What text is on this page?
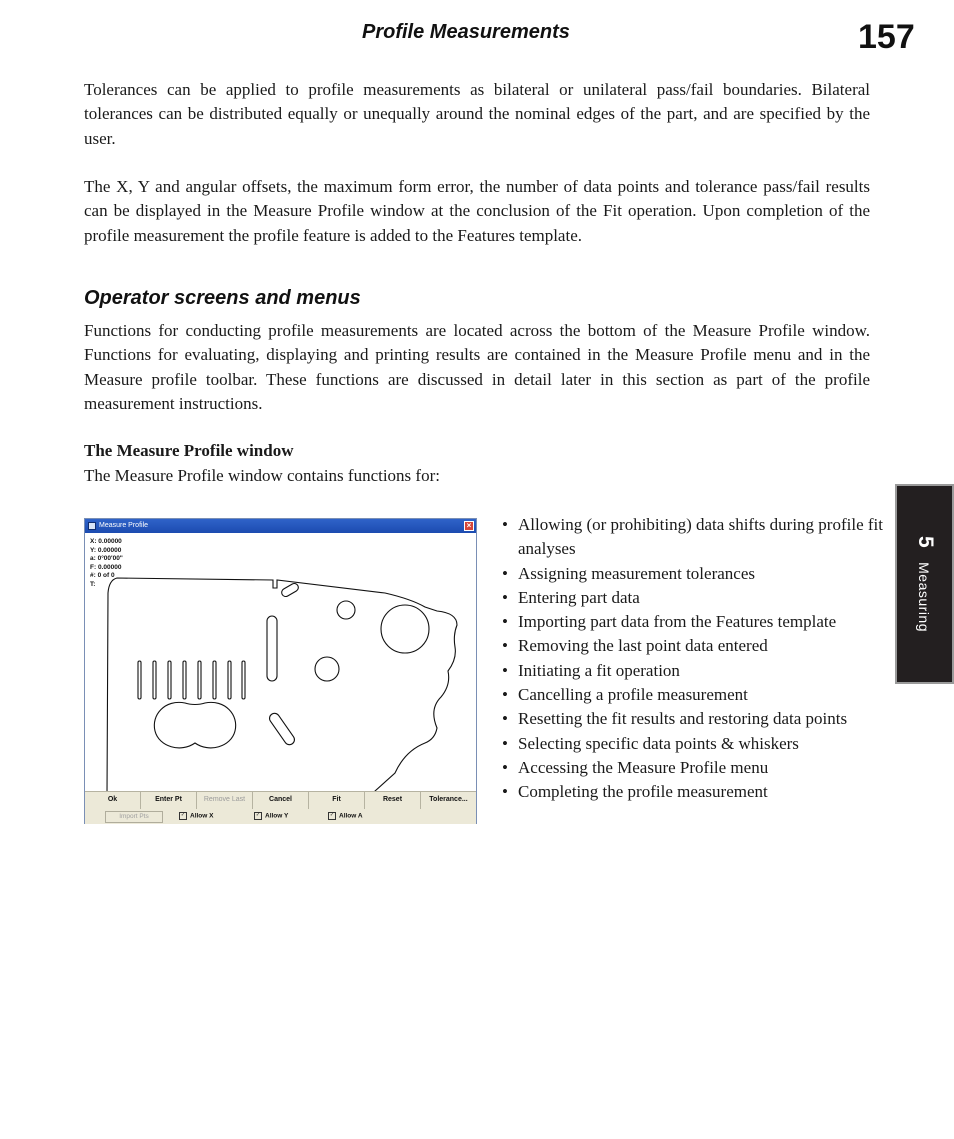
Profile Measurements	157

Tolerances can be applied to profile measurements as bilateral or unilateral pass/fail boundaries. Bilateral tolerances can be distributed equally or unequally around the nominal edges of the part, and are specified by the user.

The X, Y and angular offsets, the maximum form error, the number of data points and tolerance pass/fail results can be displayed in the Measure Profile window at the conclusion of the Fit operation. Upon completion of the profile measurement the profile feature is added to the Features template.

Operator screens and menus

Functions for conducting profile measurements are located across the bottom of the Measure Profile window. Functions for evaluating, displaying and printing results are contained in the Measure Profile menu and in the Measure profile toolbar. These functions are discussed in detail later in this section as part of the profile measurement instructions.

The Measure Profile window
The Measure Profile window contains functions for:
5 Measuring
Measure Profile	×
X: 0.00000
Y: 0.00000
a: 0°00'00"
F: 0.00000
#: 0 of 0
T:
Ok	Enter Pt	Remove Last	Cancel	Fit	Reset	Tolerance...
Import Pts	✓ Allow X	✓ Allow Y	✓ Allow A
• Allowing (or prohibiting) data shifts during profile fit analyses
• Assigning measurement tolerances
• Entering part data
• Importing part data from the Features template
• Removing the last point data entered
• Initiating a fit operation
• Cancelling a profile measurement
• Resetting the fit results and restoring data points
• Selecting specific data points & whiskers
• Accessing the Measure Profile menu
• Completing the profile measurement
